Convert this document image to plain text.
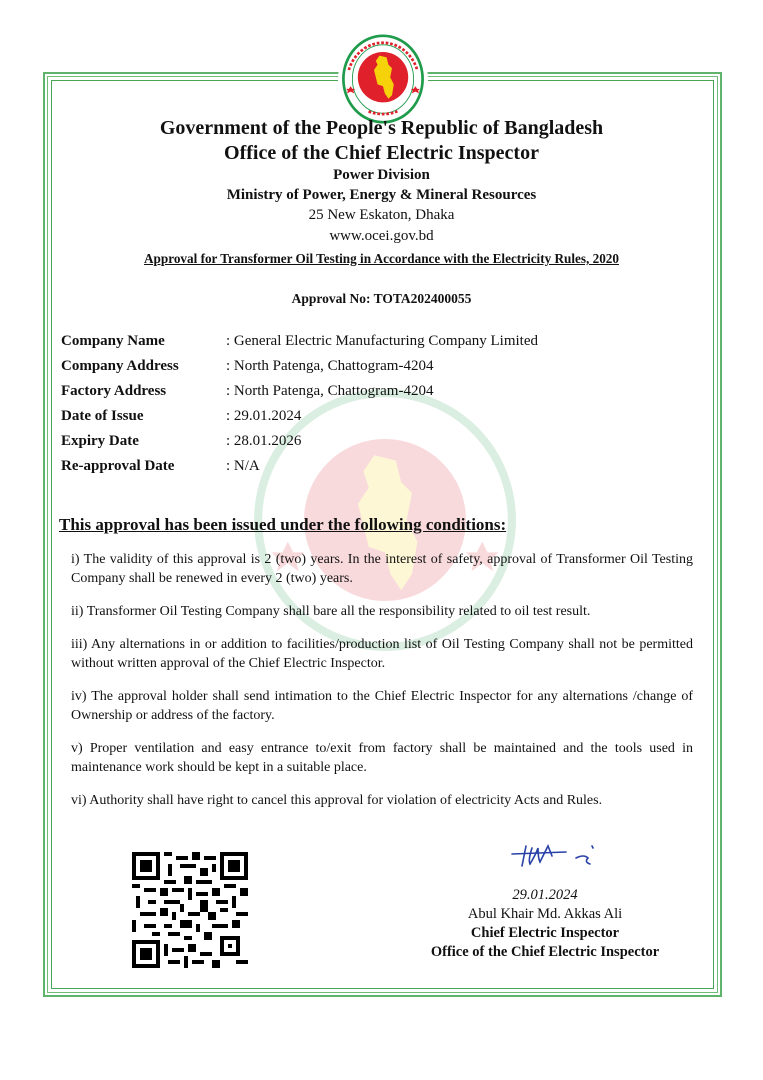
Government of the People's Republic of Bangladesh
Office of the Chief Electric Inspector
Power Division
Ministry of Power, Energy & Mineral Resources
25 New Eskaton, Dhaka
www.ocei.gov.bd
Approval for Transformer Oil Testing in Accordance with the Electricity Rules, 2020
Approval No: TOTA202400055
Company Name	: General Electric Manufacturing Company Limited
Company Address	: North Patenga, Chattogram-4204
Factory Address	: North Patenga, Chattogram-4204
Date of Issue	: 29.01.2024
Expiry Date	: 28.01.2026
Re-approval Date	: N/A
This approval has been issued under the following conditions:

i) The validity of this approval is 2 (two) years. In the interest of safety, approval of Transformer Oil Testing Company shall be renewed in every 2 (two) years.

ii) Transformer Oil Testing Company shall bare all the responsibility related to oil test result.

iii) Any alternations in or addition to facilities/production list of Oil Testing Company shall not be permitted without written approval of the Chief Electric Inspector.

iv) The approval holder shall send intimation to the Chief Electric Inspector for any alternations /change of Ownership or address of the factory.

v) Proper ventilation and easy entrance to/exit from factory shall be maintained and the tools used in maintenance work should be kept in a suitable place.

vi) Authority shall have right to cancel this approval for violation of electricity Acts and Rules.

29.01.2024
Abul Khair Md. Akkas Ali
Chief Electric Inspector
Office of the Chief Electric Inspector
